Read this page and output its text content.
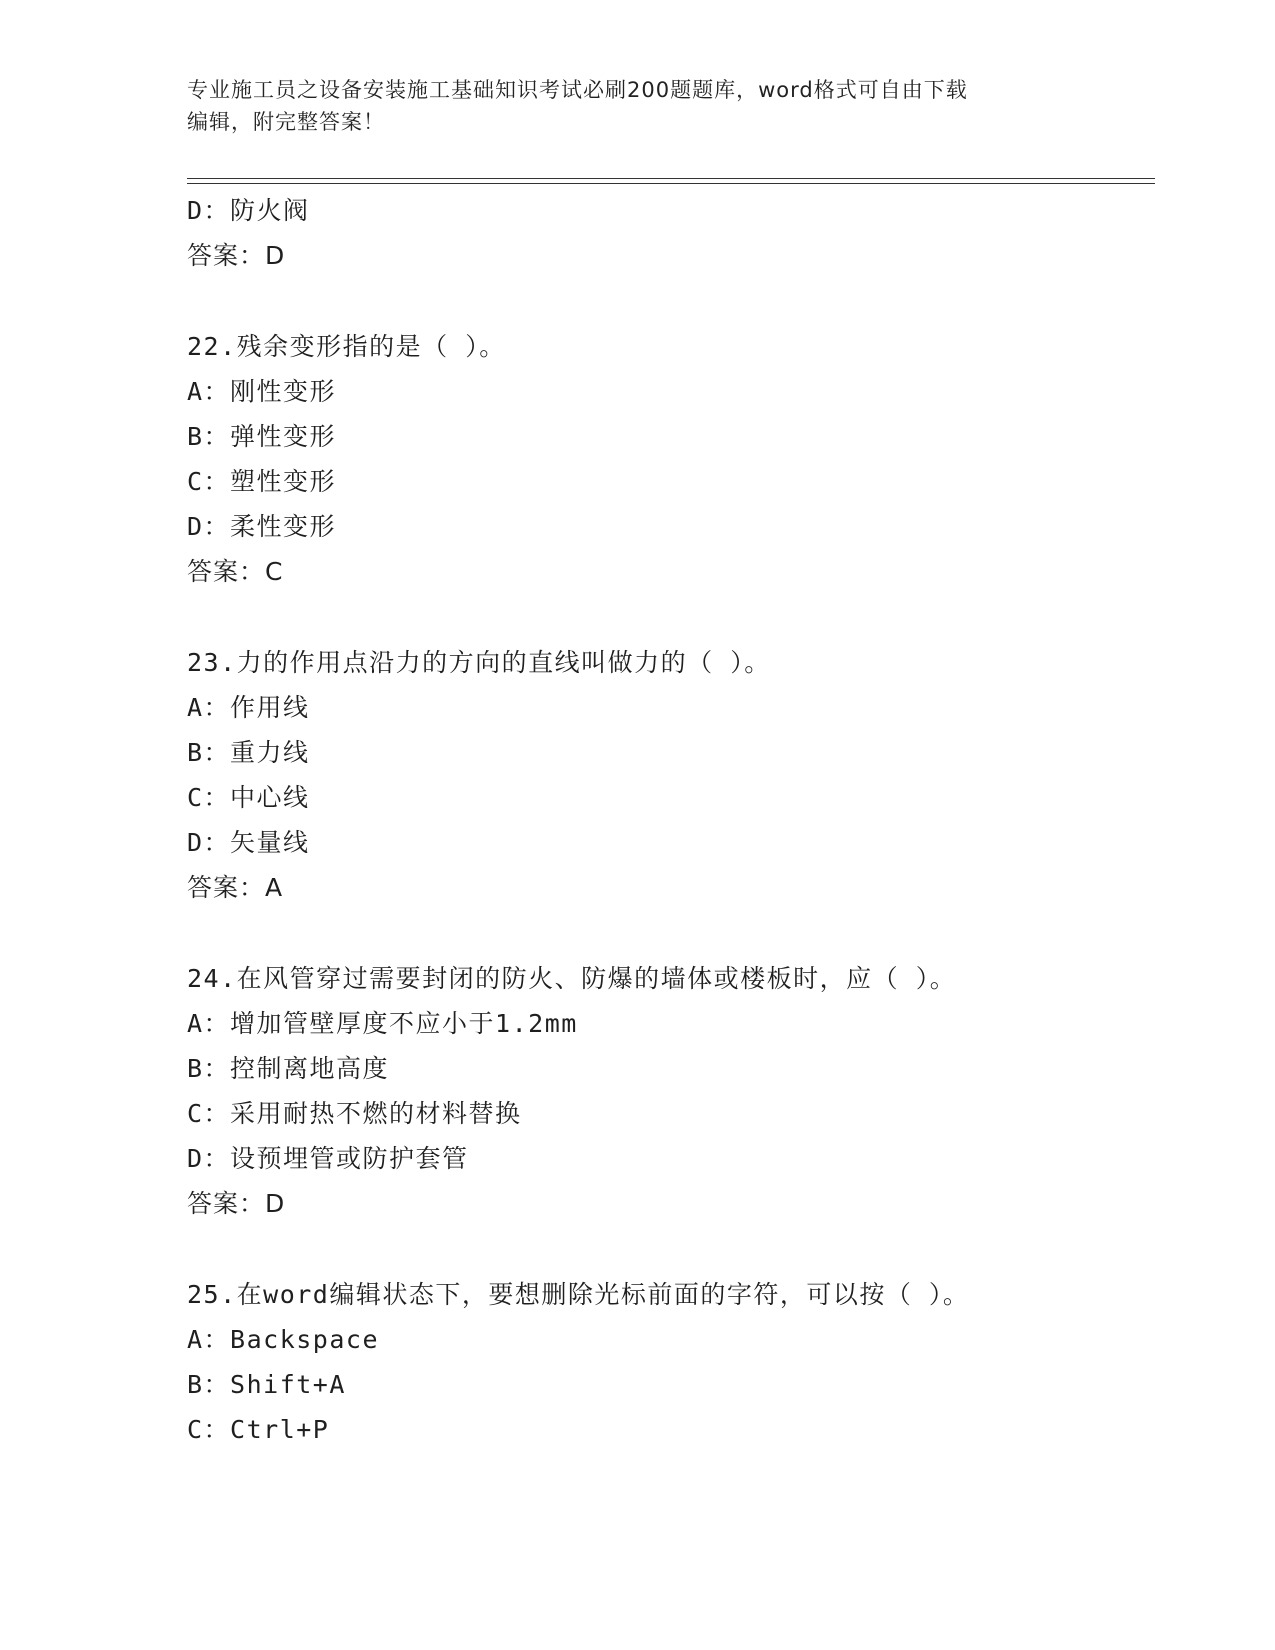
专业施工员之设备安装施工基础知识考试必刷200题题库，word格式可自由下载
编辑，附完整答案！
D：防火阀
答案：D
22.残余变形指的是（ ）。
A：刚性变形
B：弹性变形
C：塑性变形
D：柔性变形
答案：C
23.力的作用点沿力的方向的直线叫做力的（ ）。
A：作用线
B：重力线
C：中心线
D：矢量线
答案：A
24.在风管穿过需要封闭的防火、防爆的墙体或楼板时，应（ ）。
A：增加管壁厚度不应小于1.2mm
B：控制离地高度
C：采用耐热不燃的材料替换
D：设预埋管或防护套管
答案：D
25.在word编辑状态下，要想删除光标前面的字符，可以按（ ）。
A：Backspace
B：Shift+A
C：Ctrl+P
